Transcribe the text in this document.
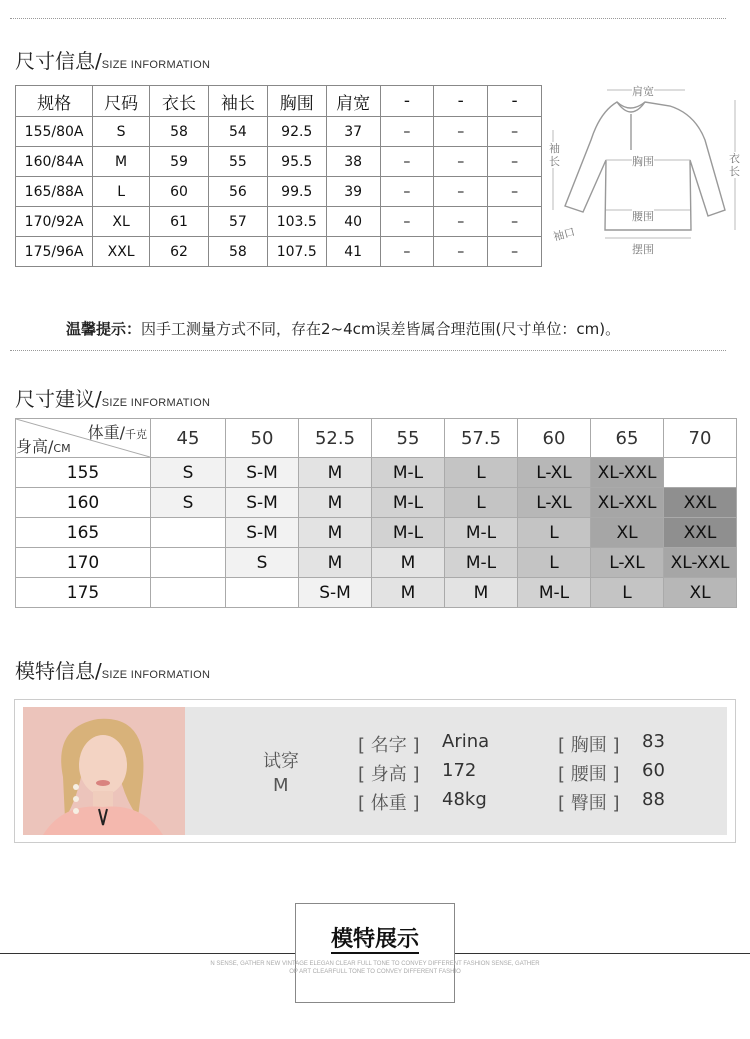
尺寸信息/SIZE INFORMATION
规格	尺码	衣长	袖长	胸围	肩宽	-	-	-
155/80A	S	58	54	92.5	37	–	–	–
160/84A	M	59	55	95.5	38	–	–	–
165/88A	L	60	56	99.5	39	–	–	–
170/92A	XL	61	57	103.5	40	–	–	–
175/96A	XXL	62	58	107.5	41	–	–	–
肩宽
胸围
腰围
摆围
袖口
袖
长	衣
长
温馨提示：因手工测量方式不同，存在2~4cm误差皆属合理范围(尺寸单位：cm)。
尺寸建议/SIZE INFORMATION
体重/千克
身高/CM	45	50	52.5	55	57.5	60	65	70
155	S	S-M	M	M-L	L	L-XL	XL-XXL	
160	S	S-M	M	M-L	L	L-XL	XL-XXL	XXL
165		S-M	M	M-L	M-L	L	XL	XXL
170		S	M	M	M-L	L	L-XL	XL-XXL
175			S-M	M	M	M-L	L	XL
模特信息/SIZE INFORMATION
试穿
M
[ 名字 ] Arina
[ 身高 ] 172
[ 体重 ] 48kg
[ 胸围 ] 83
[ 腰围 ] 60
[ 臀围 ] 88
模特展示
N SENSE, GATHER NEW VINTAGE ELEGAN CLEAR FULL TONE TO CONVEY DIFFERENT FASHION SENSE, GATHER
OP ART CLEARFULL TONE TO CONVEY DIFFERENT FASHIO
